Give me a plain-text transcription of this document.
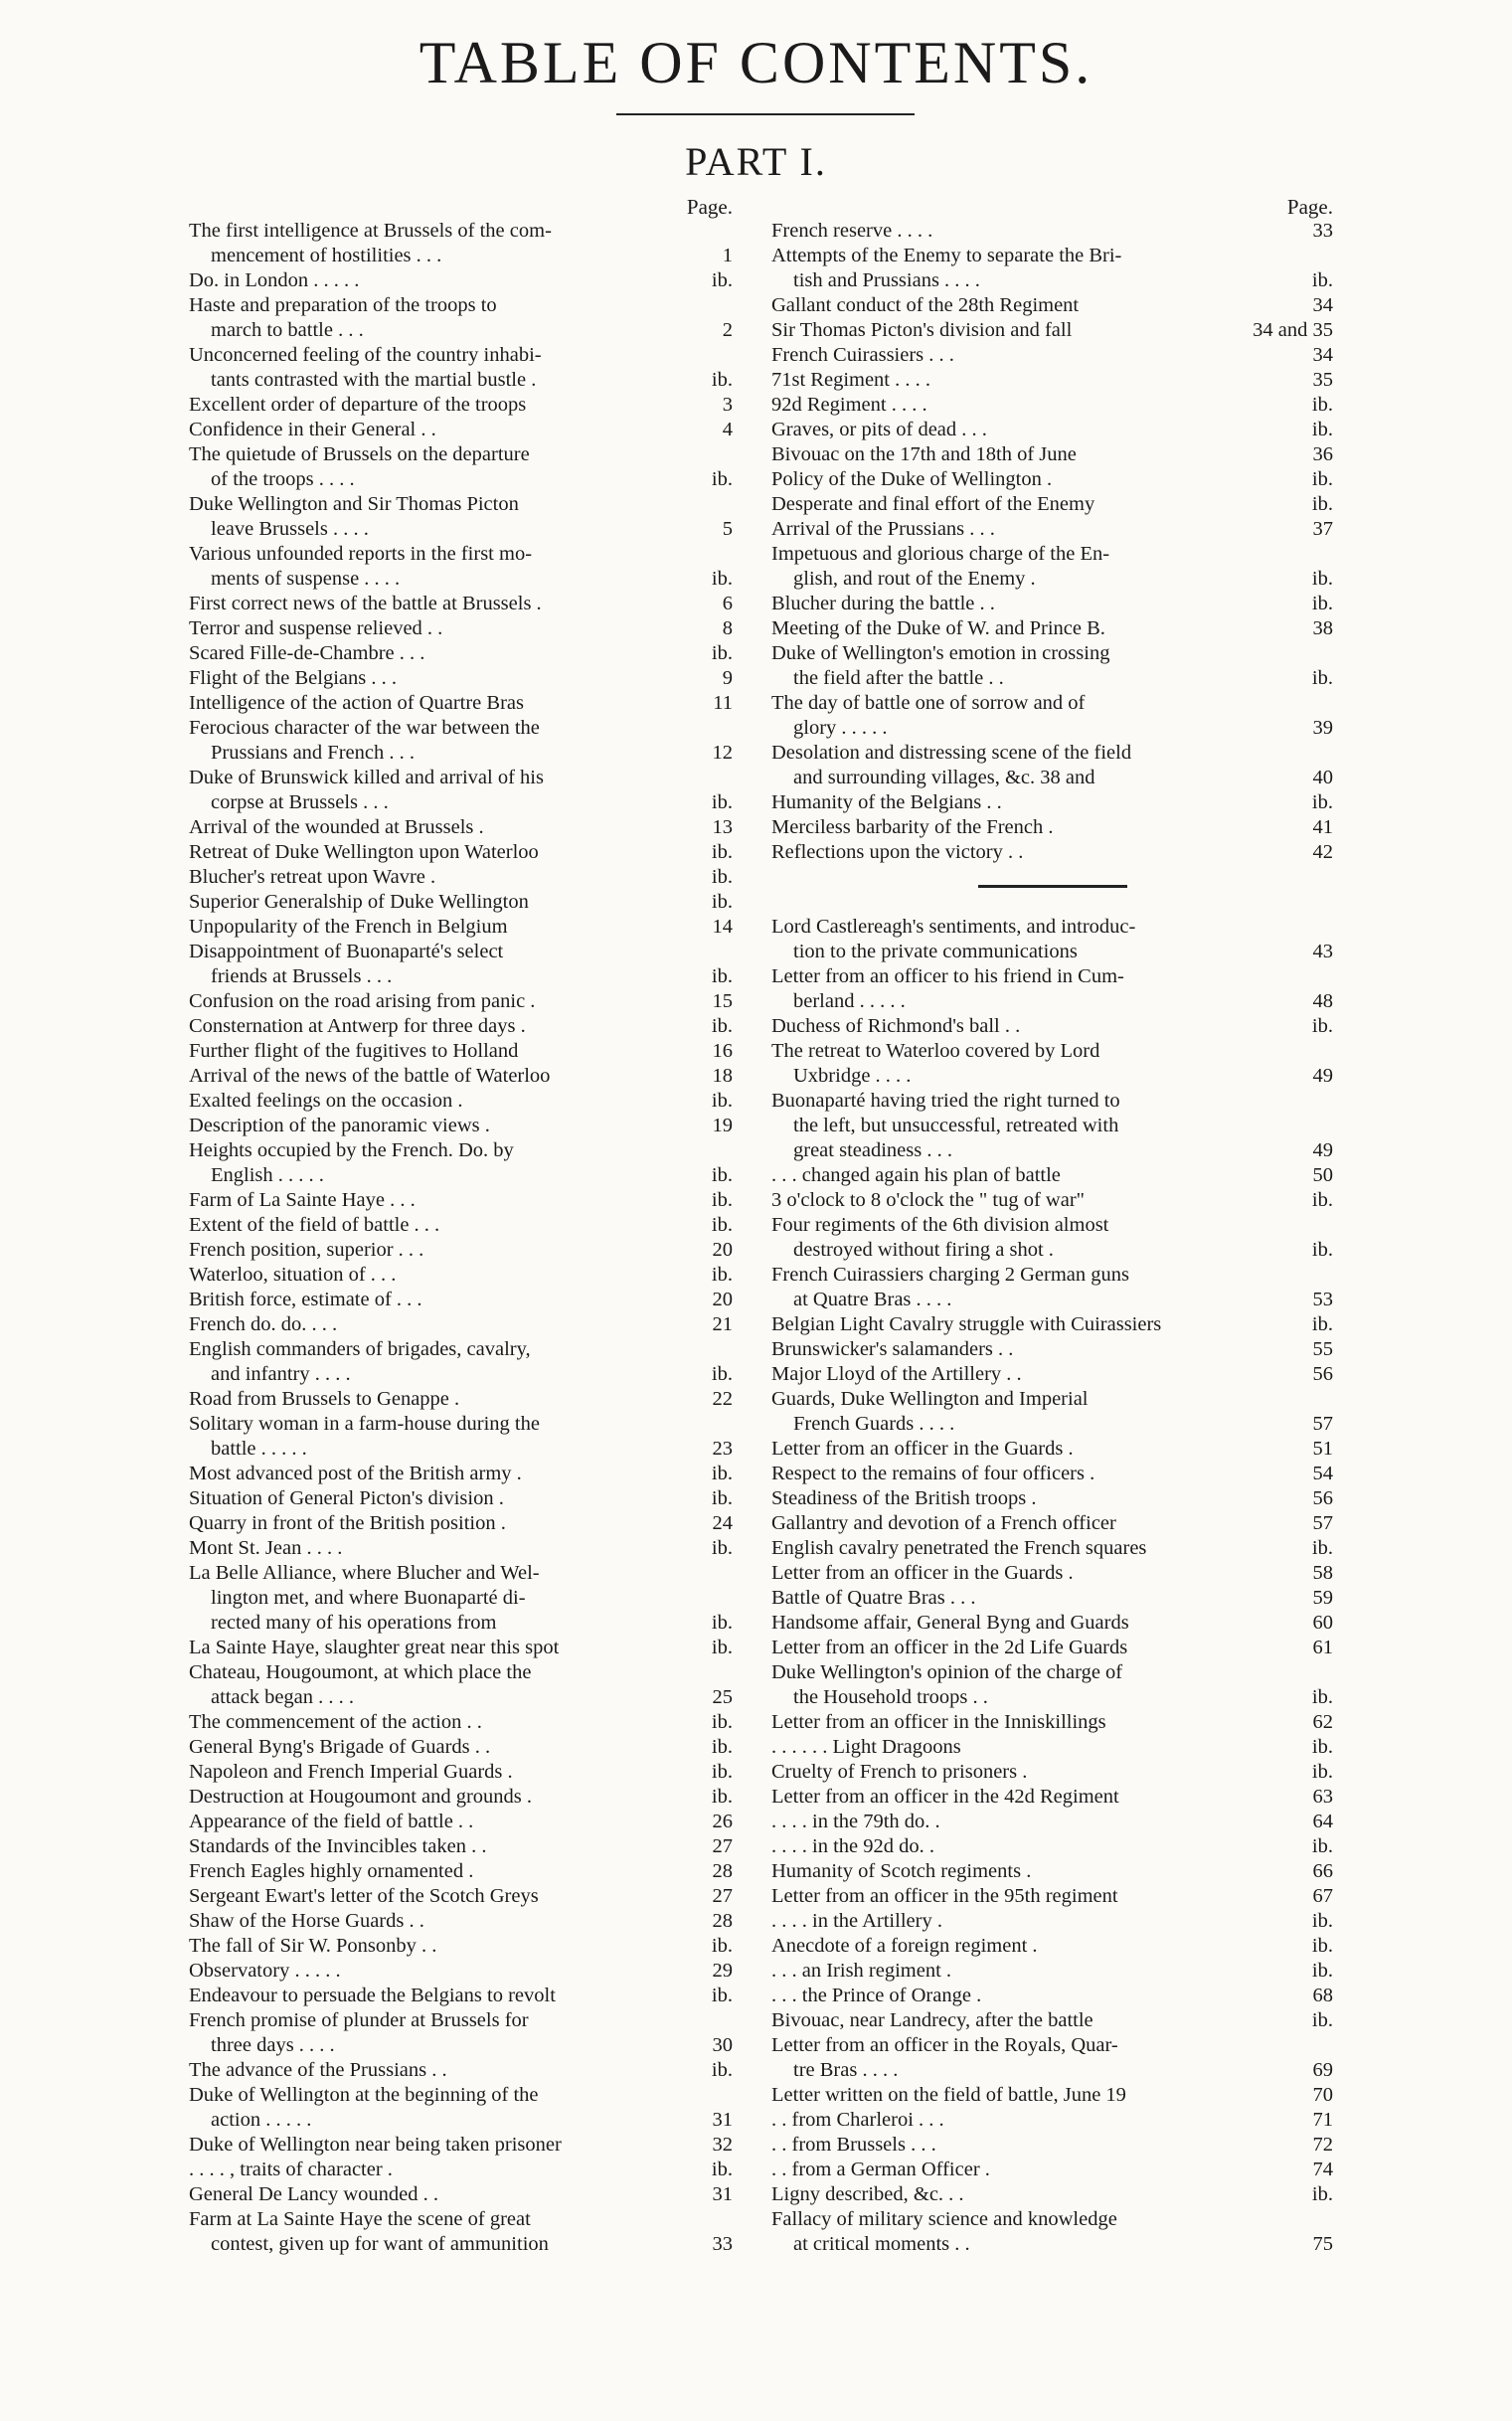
TABLE OF CONTENTS.
PART I.
Page.
The first intelligence at Brussels of the com-
mencement of hostilities . . .	1
Do. in London . . . . .	ib.
Haste and preparation of the troops to
march to battle . . .	2
Unconcerned feeling of the country inhabi-
tants contrasted with the martial bustle .	ib.
Excellent order of departure of the troops	3
Confidence in their General . .	4
The quietude of Brussels on the departure
of the troops . . . .	ib.
Duke Wellington and Sir Thomas Picton
leave Brussels . . . .	5
Various unfounded reports in the first mo-
ments of suspense . . . .	ib.
First correct news of the battle at Brussels .	6
Terror and suspense relieved . .	8
Scared Fille-de-Chambre . . .	ib.
Flight of the Belgians . . .	9
Intelligence of the action of Quartre Bras	11
Ferocious character of the war between the
Prussians and French . . .	12
Duke of Brunswick killed and arrival of his
corpse at Brussels . . .	ib.
Arrival of the wounded at Brussels .	13
Retreat of Duke Wellington upon Waterloo	ib.
Blucher's retreat upon Wavre .	ib.
Superior Generalship of Duke Wellington	ib.
Unpopularity of the French in Belgium	14
Disappointment of Buonaparté's select
friends at Brussels . . .	ib.
Confusion on the road arising from panic .	15
Consternation at Antwerp for three days .	ib.
Further flight of the fugitives to Holland	16
Arrival of the news of the battle of Waterloo	18
Exalted feelings on the occasion .	ib.
Description of the panoramic views .	19
Heights occupied by the French. Do. by
English . . . . .	ib.
Farm of La Sainte Haye . . .	ib.
Extent of the field of battle . . .	ib.
French position, superior . . .	20
Waterloo, situation of . . .	ib.
British force, estimate of . . .	20
French do. do. . . .	21
English commanders of brigades, cavalry,
and infantry . . . .	ib.
Road from Brussels to Genappe .	22
Solitary woman in a farm-house during the
battle . . . . .	23
Most advanced post of the British army .	ib.
Situation of General Picton's division .	ib.
Quarry in front of the British position .	24
Mont St. Jean . . . .	ib.
La Belle Alliance, where Blucher and Wel-
lington met, and where Buonaparté di-
rected many of his operations from	ib.
La Sainte Haye, slaughter great near this spot	ib.
Chateau, Hougoumont, at which place the
attack began . . . .	25
The commencement of the action . .	ib.
General Byng's Brigade of Guards . .	ib.
Napoleon and French Imperial Guards .	ib.
Destruction at Hougoumont and grounds .	ib.
Appearance of the field of battle . .	26
Standards of the Invincibles taken . .	27
French Eagles highly ornamented .	28
Sergeant Ewart's letter of the Scotch Greys	27
Shaw of the Horse Guards . .	28
The fall of Sir W. Ponsonby . .	ib.
Observatory . . . . .	29
Endeavour to persuade the Belgians to revolt	ib.
French promise of plunder at Brussels for
three days . . . .	30
The advance of the Prussians . .	ib.
Duke of Wellington at the beginning of the
action . . . . .	31
Duke of Wellington near being taken prisoner	32
. . . . , traits of character .	ib.
General De Lancy wounded . .	31
Farm at La Sainte Haye the scene of great
contest, given up for want of ammunition	33
Page.
French reserve . . . .	33
Attempts of the Enemy to separate the Bri-
tish and Prussians . . . .	ib.
Gallant conduct of the 28th Regiment	34
Sir Thomas Picton's division and fall	34 and 35
French Cuirassiers . . .	34
71st Regiment . . . .	35
92d Regiment . . . .	ib.
Graves, or pits of dead . . .	ib.
Bivouac on the 17th and 18th of June	36
Policy of the Duke of Wellington .	ib.
Desperate and final effort of the Enemy	ib.
Arrival of the Prussians . . .	37
Impetuous and glorious charge of the En-
glish, and rout of the Enemy .	ib.
Blucher during the battle . .	ib.
Meeting of the Duke of W. and Prince B.	38
Duke of Wellington's emotion in crossing
the field after the battle . .	ib.
The day of battle one of sorrow and of
glory . . . . .	39
Desolation and distressing scene of the field
and surrounding villages, &c. 38 and	40
Humanity of the Belgians . .	ib.
Merciless barbarity of the French .	41
Reflections upon the victory . .	42
Lord Castlereagh's sentiments, and introduc-
tion to the private communications	43
Letter from an officer to his friend in Cum-
berland . . . . .	48
Duchess of Richmond's ball . .	ib.
The retreat to Waterloo covered by Lord
Uxbridge . . . .	49
Buonaparté having tried the right turned to
the left, but unsuccessful, retreated with
great steadiness . . .	49
. . . changed again his plan of battle	50
3 o'clock to 8 o'clock the " tug of war"	ib.
Four regiments of the 6th division almost
destroyed without firing a shot .	ib.
French Cuirassiers charging 2 German guns
at Quatre Bras . . . .	53
Belgian Light Cavalry struggle with Cuirassiers	ib.
Brunswicker's salamanders . .	55
Major Lloyd of the Artillery . .	56
Guards, Duke Wellington and Imperial
French Guards . . . .	57
Letter from an officer in the Guards .	51
Respect to the remains of four officers .	54
Steadiness of the British troops .	56
Gallantry and devotion of a French officer	57
English cavalry penetrated the French squares	ib.
Letter from an officer in the Guards .	58
Battle of Quatre Bras . . .	59
Handsome affair, General Byng and Guards	60
Letter from an officer in the 2d Life Guards	61
Duke Wellington's opinion of the charge of
the Household troops . .	ib.
Letter from an officer in the Inniskillings	62
. . . . . . Light Dragoons	ib.
Cruelty of French to prisoners .	ib.
Letter from an officer in the 42d Regiment	63
. . . . in the 79th do. .	64
. . . . in the 92d do. .	ib.
Humanity of Scotch regiments .	66
Letter from an officer in the 95th regiment	67
. . . . in the Artillery .	ib.
Anecdote of a foreign regiment .	ib.
. . . an Irish regiment .	ib.
. . . the Prince of Orange .	68
Bivouac, near Landrecy, after the battle	ib.
Letter from an officer in the Royals, Quar-
tre Bras . . . .	69
Letter written on the field of battle, June 19	70
. . from Charleroi . . .	71
. . from Brussels . . .	72
. . from a German Officer .	74
Ligny described, &c. . .	ib.
Fallacy of military science and knowledge
at critical moments . .	75
